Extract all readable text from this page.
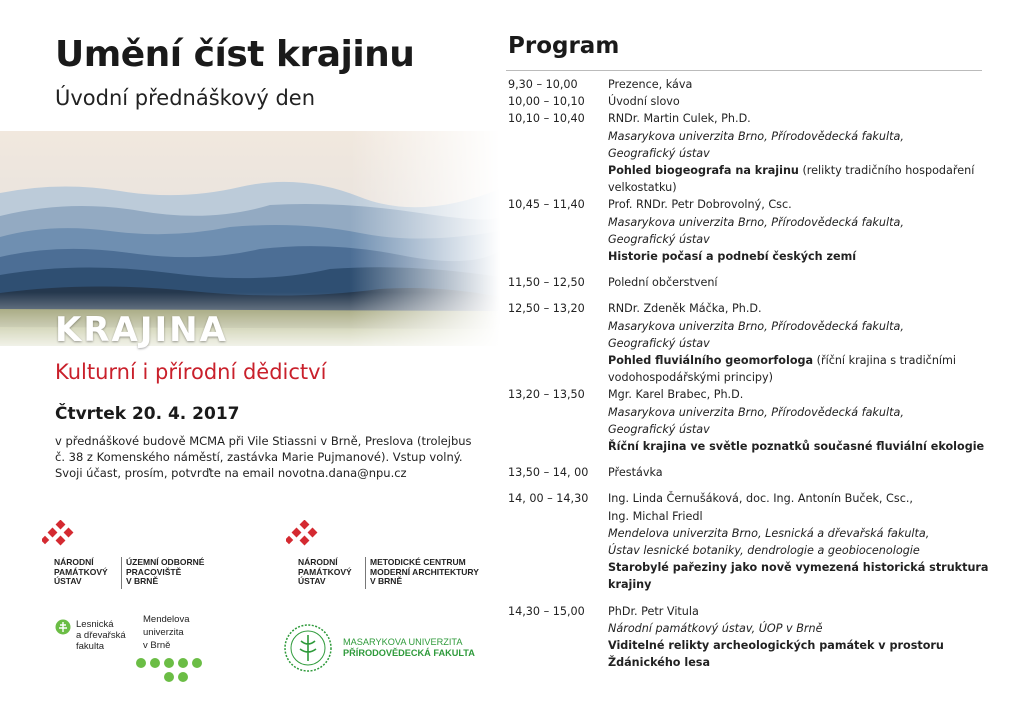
Umění číst krajinu
Úvodní přednáškový den
KRAJINA
Kulturní i přírodní dědictví
Čtvrtek 20. 4. 2017
v přednáškové budově MCMA při Vile Stiassni v Brně, Preslova (trolejbus
č. 38 z Komenského náměstí, zastávka Marie Pujmanové). Vstup volný.
Svoji účast, prosím, potvrďte na email novotna.dana@npu.cz
NÁRODNÍ
PAMÁTKOVÝ
ÚSTAV
ÚZEMNÍ ODBORNÉ
PRACOVIŠTĚ
V BRNĚ
NÁRODNÍ
PAMÁTKOVÝ
ÚSTAV
METODICKÉ CENTRUM
MODERNÍ ARCHITEKTURY
V BRNĚ
Lesnická
a dřevařská
fakulta
Mendelova
univerzita
v Brně	MASARYKOVA UNIVERZITA
PŘÍRODOVĚDECKÁ FAKULTA
Program
9,30 – 10,00	Prezence, káva
10,00 – 10,10	Úvodní slovo
10,10 – 10,40	RNDr. Martin Culek, Ph.D.
Masarykova univerzita Brno, Přírodovědecká fakulta,
Geografický ústav
Pohled biogeografa na krajinu (relikty tradičního hospodaření
velkostatku)
10,45 – 11,40	Prof. RNDr. Petr Dobrovolný, Csc.
Masarykova univerzita Brno, Přírodovědecká fakulta,
Geografický ústav
Historie počasí a podnebí českých zemí
11,50 – 12,50	Polední občerstvení
12,50 – 13,20	RNDr. Zdeněk Máčka, Ph.D.
Masarykova univerzita Brno, Přírodovědecká fakulta,
Geografický ústav
Pohled fluviálního geomorfologa (říční krajina s tradičními
vodohospodářskými principy)
13,20 – 13,50	Mgr. Karel Brabec, Ph.D.
Masarykova univerzita Brno, Přírodovědecká fakulta,
Geografický ústav
Říční krajina ve světle poznatků současné fluviální ekologie
13,50 – 14, 00	Přestávka
14, 00 – 14,30	Ing. Linda Černušáková, doc. Ing. Antonín Buček, Csc.,
Ing. Michal Friedl
Mendelova univerzita Brno, Lesnická a dřevařská fakulta,
Ústav lesnické botaniky, dendrologie a geobiocenologie
Starobylé pařeziny jako nově vymezená historická struktura
krajiny
14,30 – 15,00	PhDr. Petr Vitula
Národní památkový ústav, ÚOP v Brně
Viditelné relikty archeologických památek v prostoru
Ždánického lesa
